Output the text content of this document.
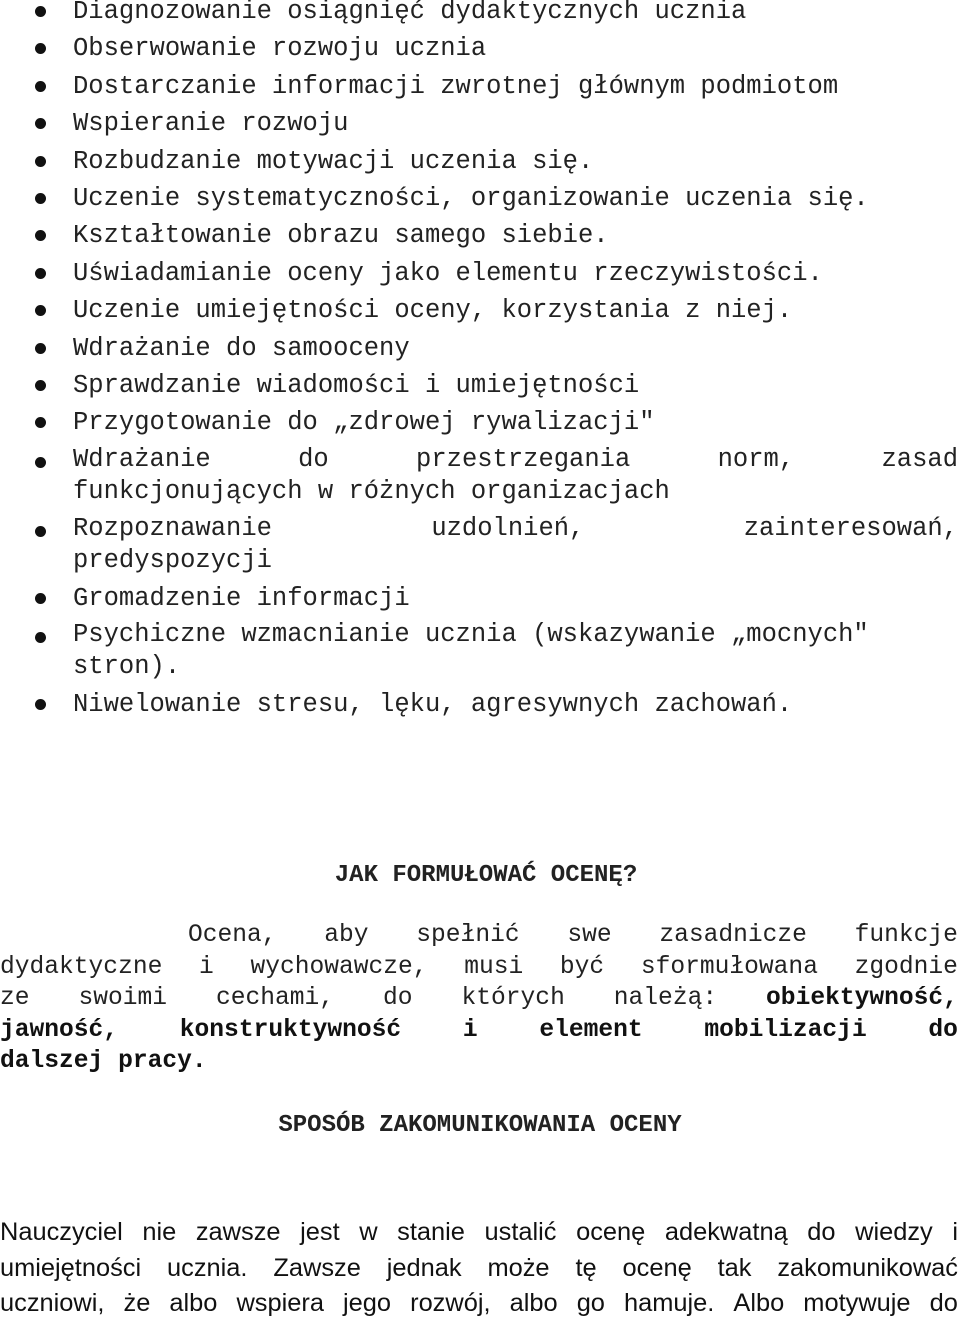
Diagnozowanie osiągnięć dydaktycznych ucznia
Obserwowanie rozwoju ucznia
Dostarczanie informacji zwrotnej głównym podmiotom
Wspieranie rozwoju
Rozbudzanie motywacji uczenia się.
Uczenie systematyczności, organizowanie uczenia się.
Kształtowanie obrazu samego siebie.
Uświadamianie oceny jako elementu rzeczywistości.
Uczenie umiejętności oceny, korzystania z niej.
Wdrażanie do samooceny
Sprawdzanie wiadomości i umiejętności
Przygotowanie do „zdrowej rywalizacji"
Wdrażanie	do	przestrzegania	norm,	zasad
funkcjonujących w różnych organizacjach
Rozpoznawanie	uzdolnień,	zainteresowań,
predyspozycji
Gromadzenie informacji
Psychiczne wzmacnianie ucznia (wskazywanie „mocnych"
stron).
Niwelowanie stresu, lęku, agresywnych zachowań.
JAK FORMUŁOWAĆ OCENĘ?
Ocena, aby spełnić swe zasadnicze funkcje
dydaktyczne i wychowawcze, musi być sformułowana zgodnie
ze swoimi cechami, do których należą: obiektywność,
jawność,	konstruktywność	i	element	mobilizacji	do
dalszej pracy.
SPOSÓB ZAKOMUNIKOWANIA OCENY
Nauczyciel nie zawsze jest w stanie ustalić ocenę adekwatną do wiedzy i
umiejętności ucznia. Zawsze jednak może tę ocenę tak zakomunikować
uczniowi, że albo wspiera jego rozwój, albo go hamuje. Albo motywuje do
